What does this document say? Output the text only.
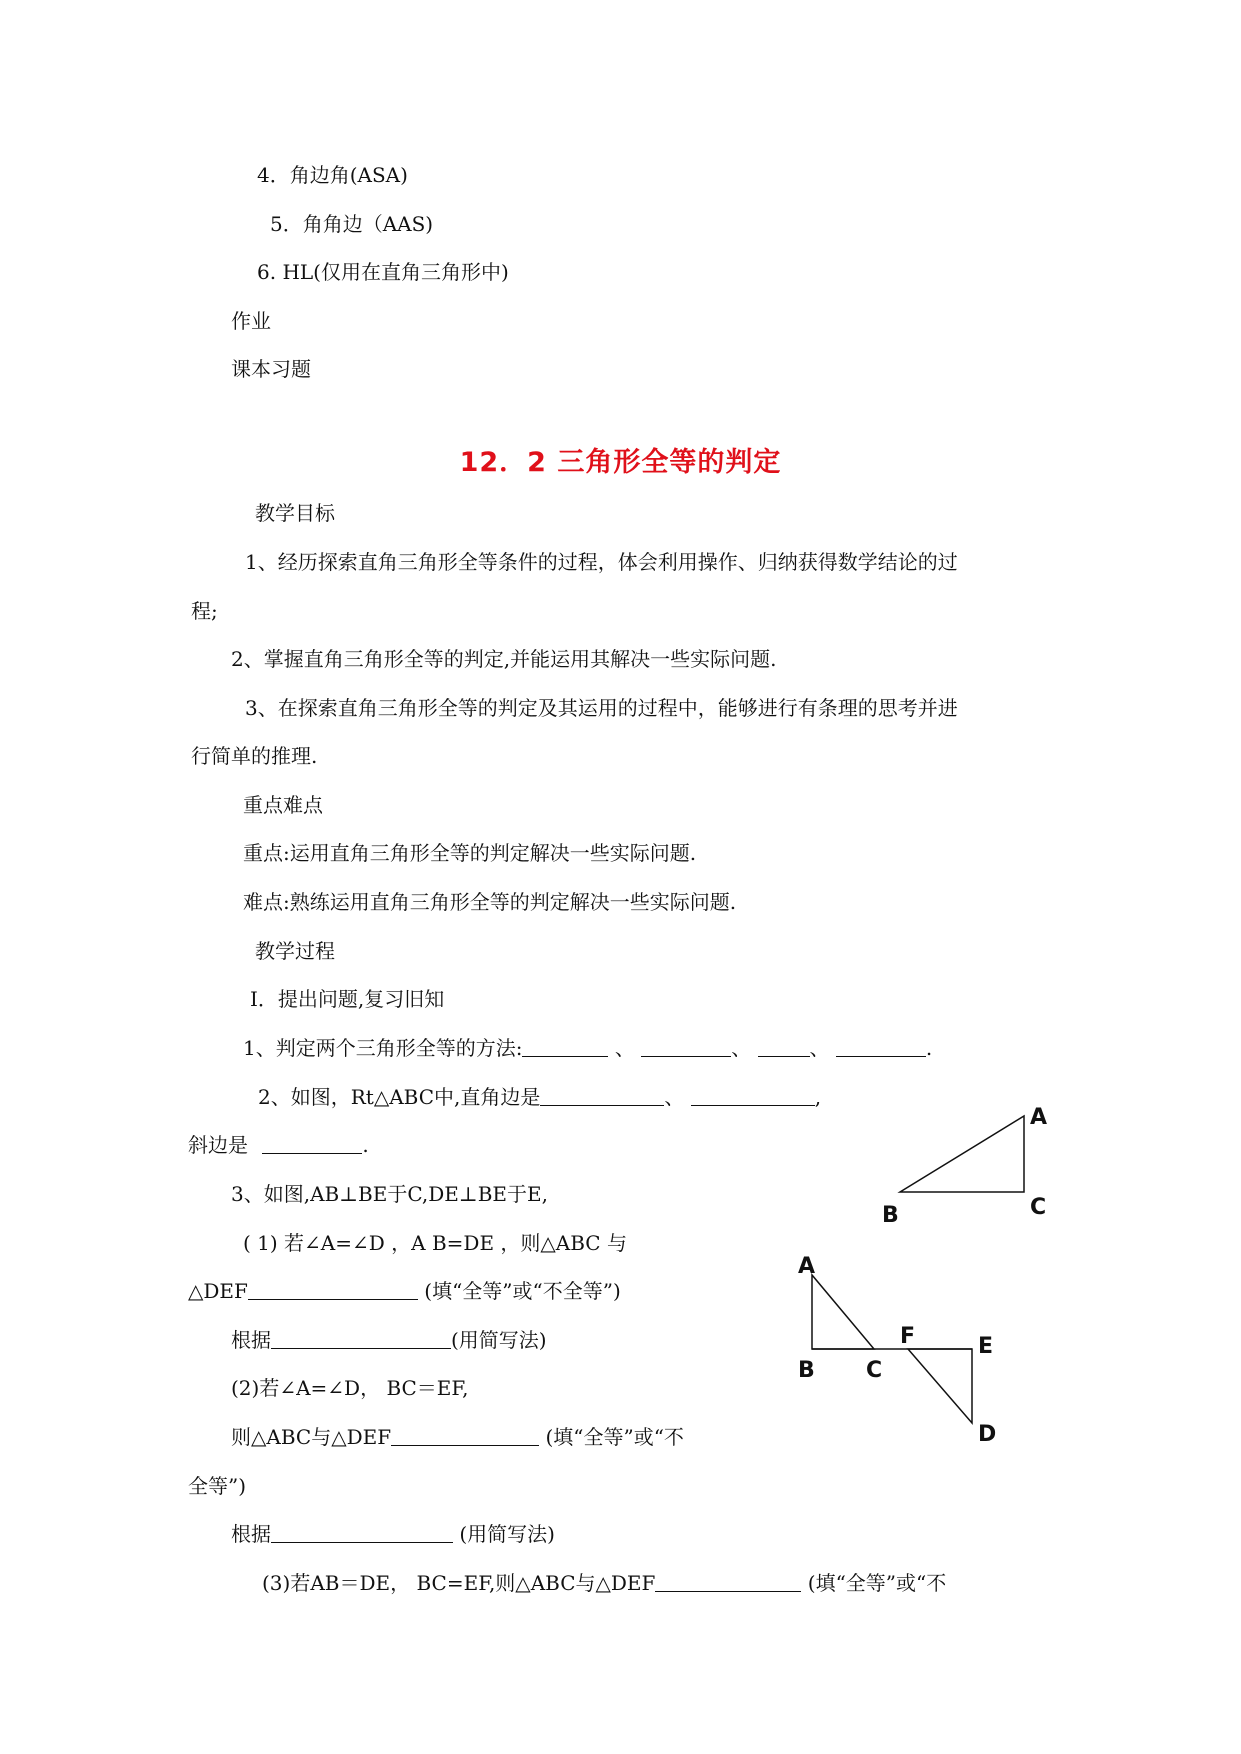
4．角边角(ASA)
5．角角边（AAS)
6. HL(仅用在直角三角形中)
作业
课本习题
12．2 三角形全等的判定
教学目标
1、经历探索直角三角形全等条件的过程，体会利用操作、归纳获得数学结论的过
程;
2、掌握直角三角形全等的判定,并能运用其解决一些实际问题.
3、在探索直角三角形全等的判定及其运用的过程中，能够进行有条理的思考并进
行简单的推理.
重点难点
重点:运用直角三角形全等的判定解决一些实际问题.
难点:熟练运用直角三角形全等的判定解决一些实际问题.
教学过程
Ⅰ．提出问题,复习旧知
1、判定两个三角形全等的方法:	、	、	、	.
2、如图，Rt△ABC中,直角边是	、	,
斜边是	.
3、如图,AB⊥BE于C,DE⊥BE于E,
( 1) 若∠A=∠D ，A B=DE ，则△ABC 与
△DEF	(填“全等”或“不全等”)
根据	(用简写法)
(2)若∠A=∠D， BC＝EF,
则△ABC与△DEF	(填“全等”或“不
全等”)
根据	(用简写法)
(3)若AB＝DE， BC=EF,则△ABC与△DEF	(填“全等”或“不
A
B	C
A
B C
F	E
D
